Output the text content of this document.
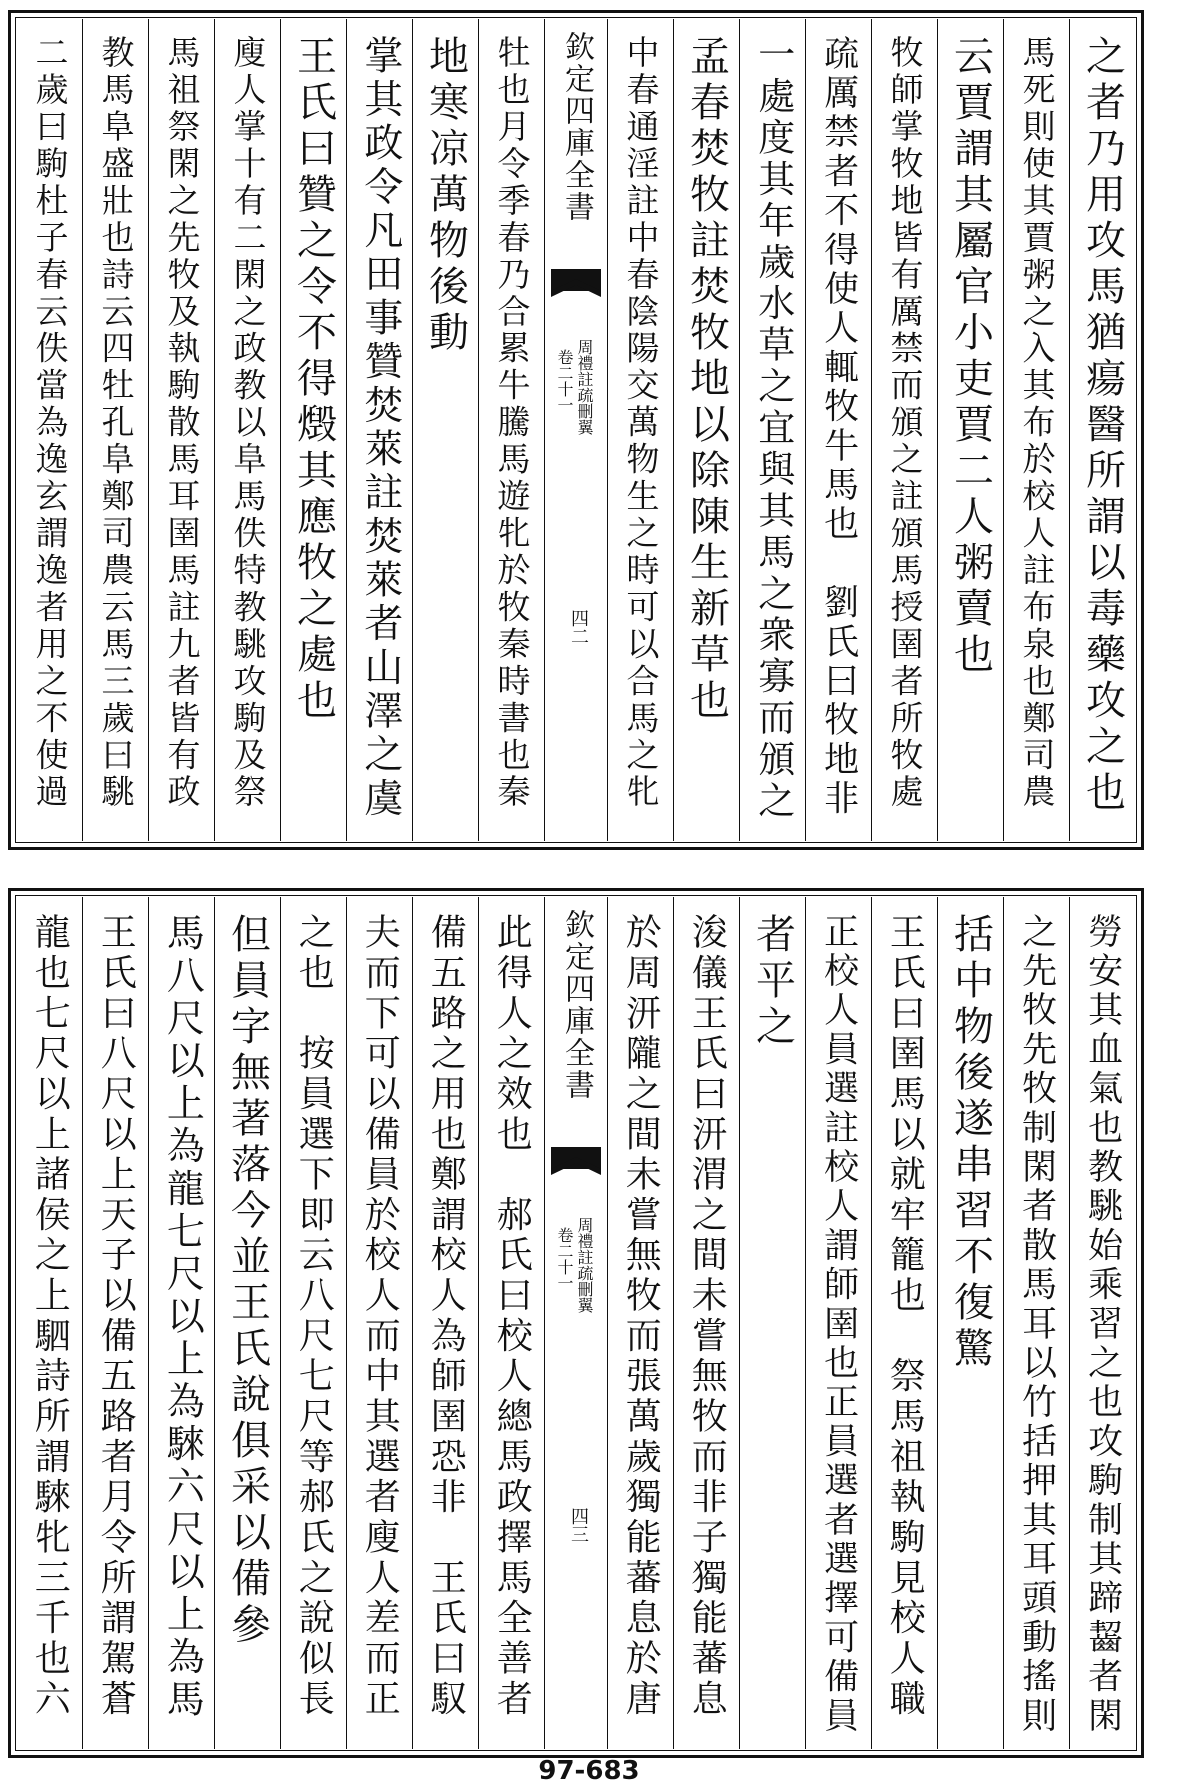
之者乃用攻馬猶瘍醫所謂以毒藥攻之也
馬死則使其賈粥之入其布於校人註布泉也鄭司農
云賈謂其屬官小吏賈二人粥賣也
牧師掌牧地皆有厲禁而頒之註頒馬授圉者所牧處
疏厲禁者不得使人輒牧牛馬也　劉氏曰牧地非
一處度其年歲水草之宜與其馬之衆寡而頒之
孟春焚牧註焚牧地以除陳生新草也
中春通淫註中春陰陽交萬物生之時可以合馬之牝
欽定四庫全書
周禮註疏刪翼
卷二十一
四二
牡也月令季春乃合累牛騰馬遊牝於牧秦時書也秦
地寒凉萬物後動
掌其政令凡田事贊焚萊註焚萊者山澤之虞
王氏曰贊之令不得燬其應牧之處也
廋人掌十有二閑之政教以阜馬佚特教駣攻駒及祭
馬祖祭閑之先牧及執駒散馬耳圉馬註九者皆有政
教馬阜盛壯也詩云四牡孔阜鄭司農云馬三歲曰駣
二歲曰駒杜子春云佚當為逸玄謂逸者用之不使過
勞安其血氣也教駣始乘習之也攻駒制其蹄齧者閑
之先牧先牧制閑者散馬耳以竹括押其耳頭動搖則
括中物後遂串習不復驚
王氏曰圉馬以就牢籠也　祭馬祖執駒見校人職
正校人員選註校人謂師圉也正員選者選擇可備員
者平之
浚儀王氏曰汧渭之間未嘗無牧而非子獨能蕃息
於周汧隴之間未嘗無牧而張萬歲獨能蕃息於唐
欽定四庫全書
周禮註疏刪翼
卷二十一
四三
此得人之效也　郝氏曰校人總馬政擇馬全善者
備五路之用也鄭謂校人為師圉恐非　王氏曰馭
夫而下可以備員於校人而中其選者廋人差而正
之也　按員選下即云八尺七尺等郝氏之說似長
但員字無著落今並王氏說俱采以備參
馬八尺以上為龍七尺以上為騋六尺以上為馬
王氏曰八尺以上天子以備五路者月令所謂駕蒼
龍也七尺以上諸侯之上駟詩所謂騋牝三千也六
97-683
